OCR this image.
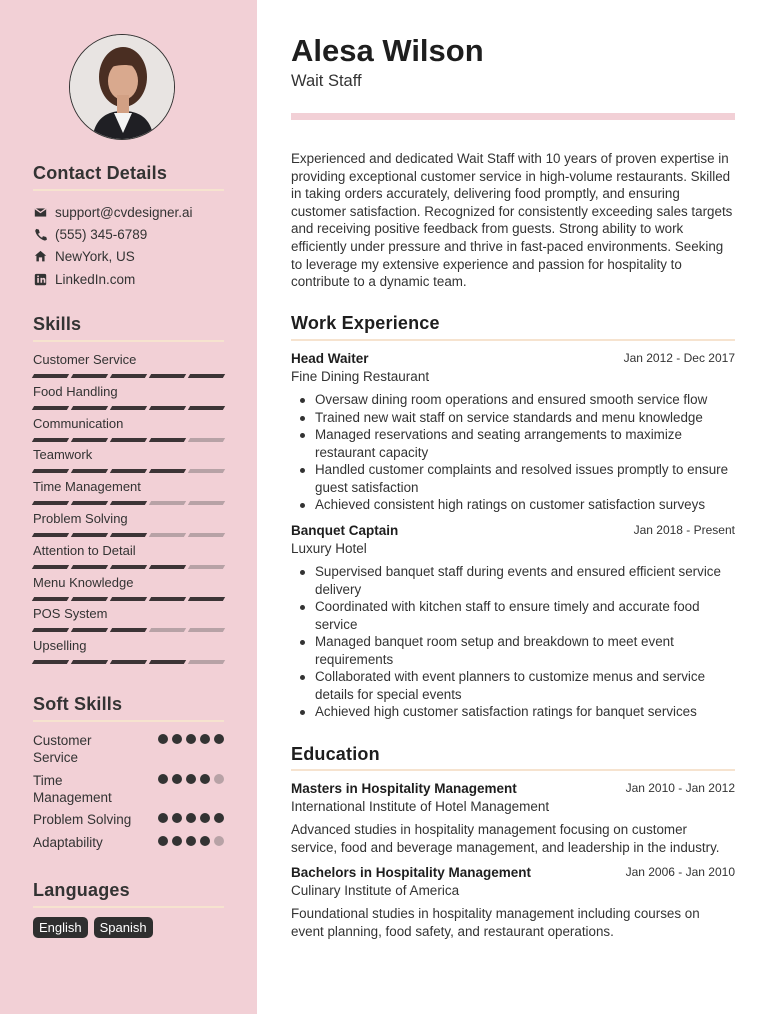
Contact Details
support@cvdesigner.ai
(555) 345-6789
NewYork, US
LinkedIn.com
Skills
Customer Service
Food Handling
Communication
Teamwork
Time Management
Problem Solving
Attention to Detail
Menu Knowledge
POS System
Upselling
Soft Skills
Customer Service
Time Management
Problem Solving
Adaptability
Languages
English	Spanish
Alesa Wilson
Wait Staff
Experienced and dedicated Wait Staff with 10 years of proven expertise in providing exceptional customer service in high-volume restaurants. Skilled in taking orders accurately, delivering food promptly, and ensuring customer satisfaction. Recognized for consistently exceeding sales targets and receiving positive feedback from guests. Strong ability to work efficiently under pressure and thrive in fast-paced environments. Seeking to leverage my extensive experience and passion for hospitality to contribute to a dynamic team.
Work Experience
Head Waiter	Jan 2012 - Dec 2017
Fine Dining Restaurant
Oversaw dining room operations and ensured smooth service flow
Trained new wait staff on service standards and menu knowledge
Managed reservations and seating arrangements to maximize restaurant capacity
Handled customer complaints and resolved issues promptly to ensure guest satisfaction
Achieved consistent high ratings on customer satisfaction surveys
Banquet Captain	Jan 2018 - Present
Luxury Hotel
Supervised banquet staff during events and ensured efficient service delivery
Coordinated with kitchen staff to ensure timely and accurate food service
Managed banquet room setup and breakdown to meet event requirements
Collaborated with event planners to customize menus and service details for special events
Achieved high customer satisfaction ratings for banquet services
Education
Masters in Hospitality Management	Jan 2010 - Jan 2012
International Institute of Hotel Management
Advanced studies in hospitality management focusing on customer service, food and beverage management, and leadership in the industry.
Bachelors in Hospitality Management	Jan 2006 - Jan 2010
Culinary Institute of America
Foundational studies in hospitality management including courses on event planning, food safety, and restaurant operations.
